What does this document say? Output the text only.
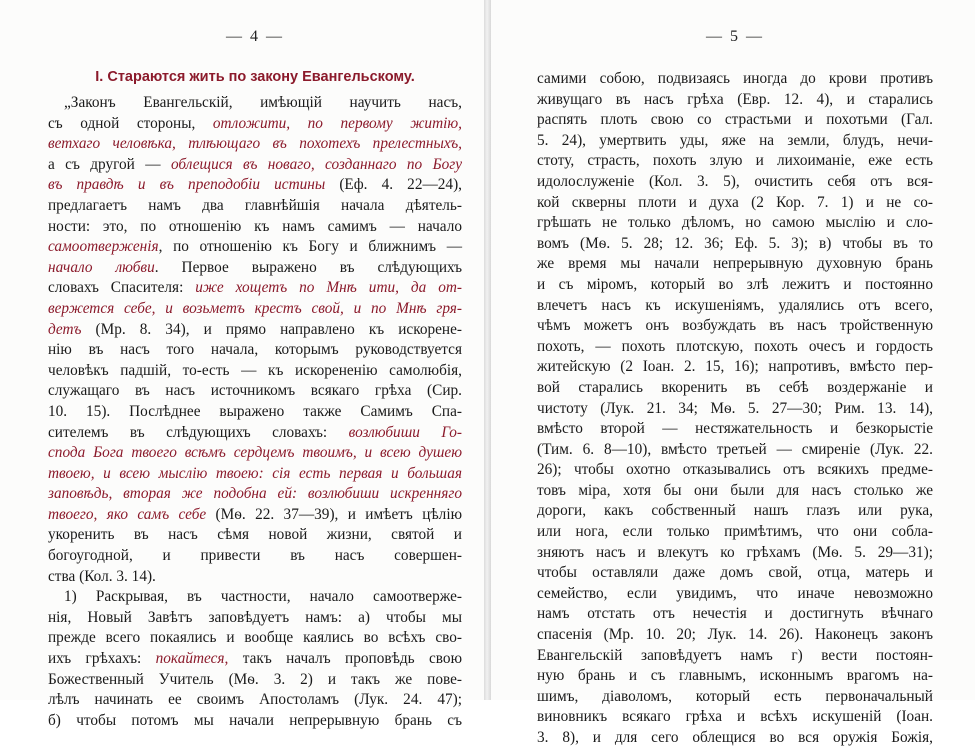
— 4 —
I. Стараются жить по закону Евангельскому.
„Законъ Евангельскій, имѣющій научить насъ,
съ одной стороны, отложити, по первому житію,
ветхаго человѣка, тлѣющаго въ похотехъ прелестныхъ,
а съ другой — облещися въ новаго, созданнаго по Богу
въ правдѣ и въ преподобіи истины (Еф. 4. 22—24),
предлагаетъ намъ два главнѣйшія начала дѣятель-
ности: это, по отношенію къ намъ самимъ — начало
самоотверженія, по отношенію къ Богу и ближнимъ —
начало любви. Первое выражено въ слѣдующихъ
словахъ Спасителя: иже хощетъ по Мнѣ ити, да от-
вержется себе, и возьметъ крестъ свой, и по Мнѣ гря-
детъ (Мр. 8. 34), и прямо направлено къ искорене-
нію въ насъ того начала, которымъ руководствуется
человѣкъ падшій, то-есть — къ искорененію самолюбія,
служащаго въ насъ источникомъ всякаго грѣха (Сир.
10. 15). Послѣднее выражено также Самимъ Спа-
сителемъ въ слѣдующихъ словахъ: возлюбиши Го-
спода Бога твоего всѣмъ сердцемъ твоимъ, и всею душею
твоею, и всею мыслію твоею: сія есть первая и большая
заповѣдь, вторая же подобна ей: возлюбиши искренняго
твоего, яко самъ себе (Мѳ. 22. 37—39), и имѣетъ цѣлію
укоренить въ насъ сѣмя новой жизни, святой и
богоугодной, и привести въ насъ совершен-
ства (Кол. 3. 14).
1) Раскрывая, въ частности, начало самоотверже-
нія, Новый Завѣтъ заповѣдуетъ намъ: а) чтобы мы
прежде всего покаялись и вообще каялись во всѣхъ сво-
ихъ грѣхахъ: покайтеся, такъ началъ проповѣдь свою
Божественный Учитель (Мѳ. 3. 2) и такъ же пове-
лѣлъ начинать ее своимъ Апостоламъ (Лук. 24. 47);
б) чтобы потомъ мы начали непрерывную брань съ
— 5 —
самими собою, подвизаясь иногда до крови противъ
живущаго въ насъ грѣха (Евр. 12. 4), и старались
распять плоть свою со страстьми и похотьми (Гал.
5. 24), умертвить уды, яже на земли, блудъ, нечи-
стоту, страсть, похоть злую и лихоиманіе, еже есть
идолослуженіе (Кол. 3. 5), очистить себя отъ вся-
кой скверны плоти и духа (2 Кор. 7. 1) и не со-
грѣшать не только дѣломъ, но самою мыслію и сло-
вомъ (Мѳ. 5. 28; 12. 36; Еф. 5. 3); в) чтобы въ то
же время мы начали непрерывную духовную брань
и съ міромъ, который во злѣ лежитъ и постоянно
влечетъ насъ къ искушеніямъ, удалялись отъ всего,
чѣмъ можетъ онъ возбуждать въ насъ тройственную
похоть, — похоть плотскую, похоть очесъ и гордость
житейскую (2 Іоан. 2. 15, 16); напротивъ, вмѣсто пер-
вой старались вкоренить въ себѣ воздержаніе и
чистоту (Лук. 21. 34; Мѳ. 5. 27—30; Рим. 13. 14),
вмѣсто второй — нестяжательность и безкорыстіе
(Тим. 6. 8—10), вмѣсто третьей — смиреніе (Лук. 22.
26); чтобы охотно отказывались отъ всякихъ предме-
товъ міра, хотя бы они были для насъ столько же
дороги, какъ собственный нашъ глазъ или рука,
или нога, если только примѣтимъ, что они собла-
зняютъ насъ и влекутъ ко грѣхамъ (Мѳ. 5. 29—31);
чтобы оставляли даже домъ свой, отца, матерь и
семейство, если увидимъ, что иначе невозможно
намъ отстать отъ нечестія и достигнуть вѣчнаго
спасенія (Мр. 10. 20; Лук. 14. 26). Наконецъ законъ
Евангельскій заповѣдуетъ намъ г) вести постоян-
ную брань и съ главнымъ, исконнымъ врагомъ на-
шимъ, діаволомъ, который есть первоначальный
виновникъ всякаго грѣха и всѣхъ искушеній (Іоан.
3. 8), и для сего облещися во вся оружія Божія,
